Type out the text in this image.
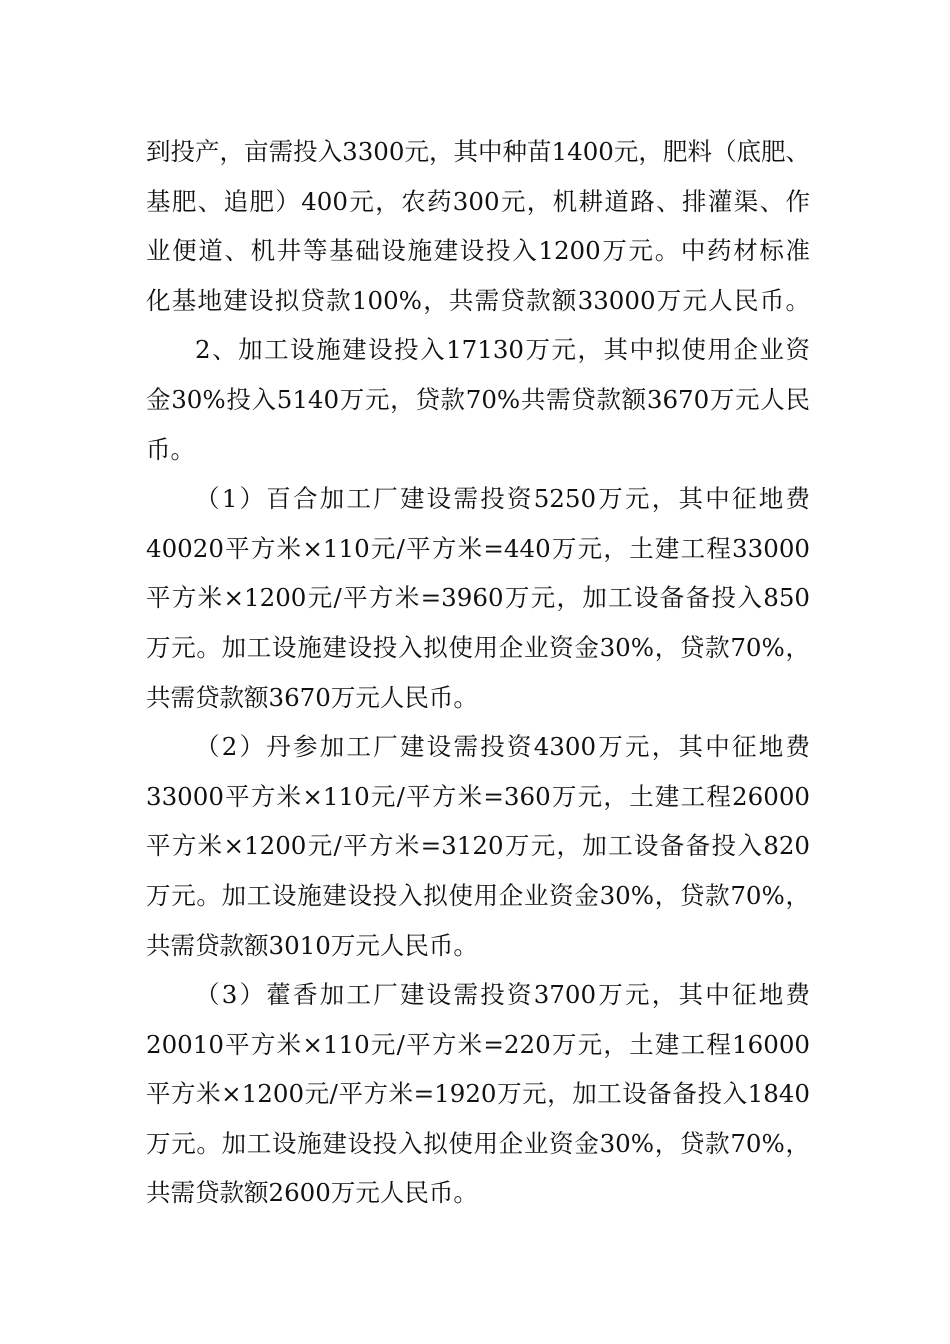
到投产，亩需投入3300元，其中种苗1400元，肥料（底肥、
基肥、追肥）400元，农药300元，机耕道路、排灌渠、作
业便道、机井等基础设施建设投入1200万元。中药材标准
化基地建设拟贷款100%，共需贷款额33000万元人民币。
2、加工设施建设投入17130万元，其中拟使用企业资
金30%投入5140万元，贷款70%共需贷款额3670万元人民
币。
（1）百合加工厂建设需投资5250万元，其中征地费
40020平方米×110元/平方米=440万元，土建工程33000
平方米×1200元/平方米=3960万元，加工设备备投入850
万元。加工设施建设投入拟使用企业资金30%，贷款70%，
共需贷款额3670万元人民币。
（2）丹参加工厂建设需投资4300万元，其中征地费
33000平方米×110元/平方米=360万元，土建工程26000
平方米×1200元/平方米=3120万元，加工设备备投入820
万元。加工设施建设投入拟使用企业资金30%，贷款70%，
共需贷款额3010万元人民币。
（3）藿香加工厂建设需投资3700万元，其中征地费
20010平方米×110元/平方米=220万元，土建工程16000
平方米×1200元/平方米=1920万元，加工设备备投入1840
万元。加工设施建设投入拟使用企业资金30%，贷款70%，
共需贷款额2600万元人民币。
